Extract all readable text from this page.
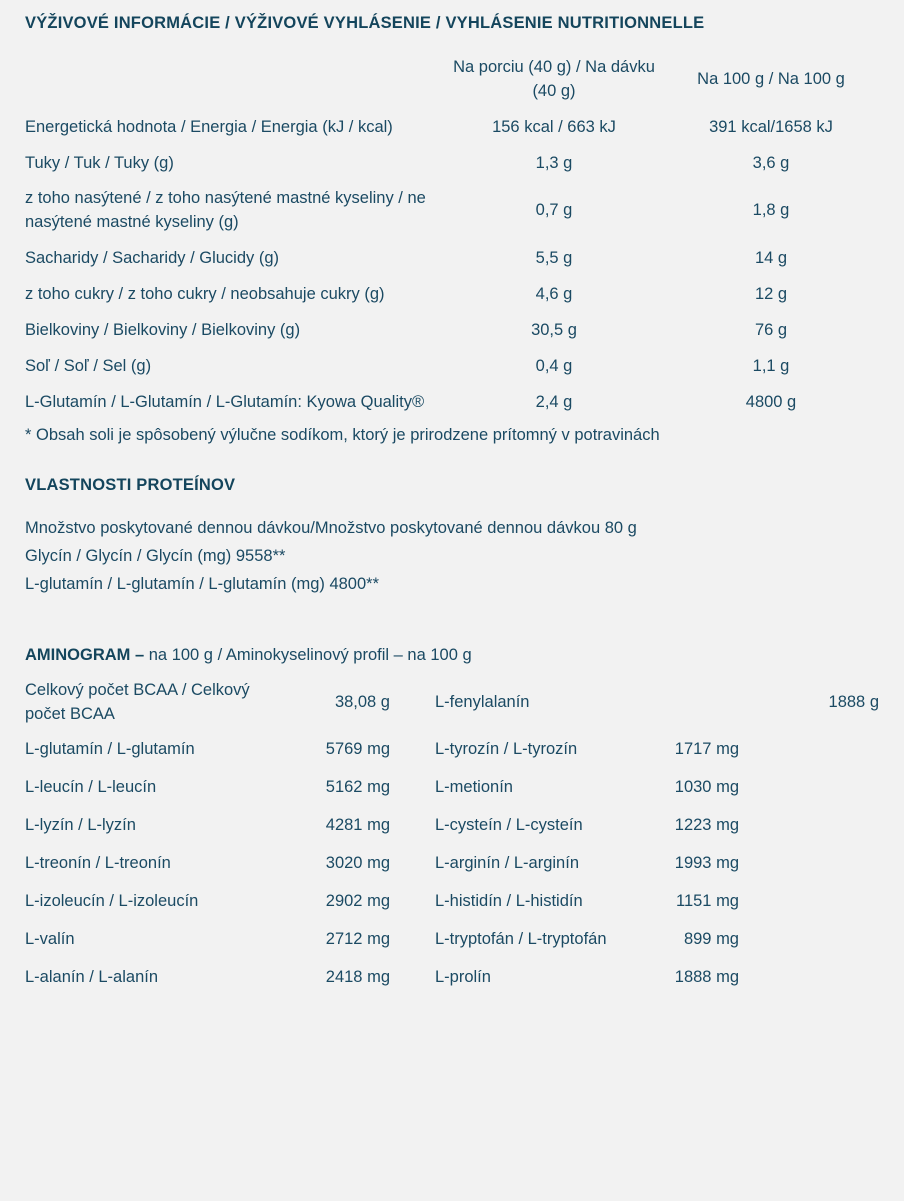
VÝŽIVOVÉ INFORMÁCIE / VÝŽIVOVÉ VYHLÁSENIE / VYHLÁSENIE NUTRITIONNELLE
	Na porciu (40 g) / Na dávku (40 g)	Na 100 g / Na 100 g
Energetická hodnota / Energia / Energia (kJ / kcal)	156 kcal / 663 kJ	391 kcal/1658 kJ
Tuky / Tuk / Tuky (g)	1,3 g	3,6 g
z toho nasýtené / z toho nasýtené mastné kyseliny / ne nasýtené mastné kyseliny (g)	0,7 g	1,8 g
Sacharidy / Sacharidy / Glucidy (g)	5,5 g	14 g
z toho cukry / z toho cukry / neobsahuje cukry (g)	4,6 g	12 g
Bielkoviny / Bielkoviny / Bielkoviny (g)	30,5 g	76 g
Soľ / Soľ / Sel (g)	0,4 g	1,1 g
L-Glutamín / L-Glutamín / L-Glutamín: Kyowa Quality®	2,4 g	4800 g
* Obsah soli je spôsobený výlučne sodíkom, ktorý je prirodzene prítomný v potravinách
VLASTNOSTI PROTEÍNOV
Množstvo poskytované dennou dávkou/Množstvo poskytované dennou dávkou 80 g
Glycín / Glycín / Glycín (mg) 9558**
L-glutamín / L-glutamín / L-glutamín (mg) 4800**
AMINOGRAM – na 100 g / Aminokyselinový profil – na 100 g
Celkový počet BCAA / Celkový počet BCAA	38,08 g	L-fenylalanín	1888 g
L-glutamín / L-glutamín	5769 mg	L-tyrozín / L-tyrozín	1717 mg
L-leucín / L-leucín	5162 mg	L-metionín	1030 mg
L-lyzín / L-lyzín	4281 mg	L-cysteín / L-cysteín	1223 mg
L-treonín / L-treonín	3020 mg	L-arginín / L-arginín	1993 mg
L-izoleucín / L-izoleucín	2902 mg	L-histidín / L-histidín	1151 mg
L-valín	2712 mg	L-tryptofán / L-tryptofán	899 mg
L-alanín / L-alanín	2418 mg	L-prolín	1888 mg
